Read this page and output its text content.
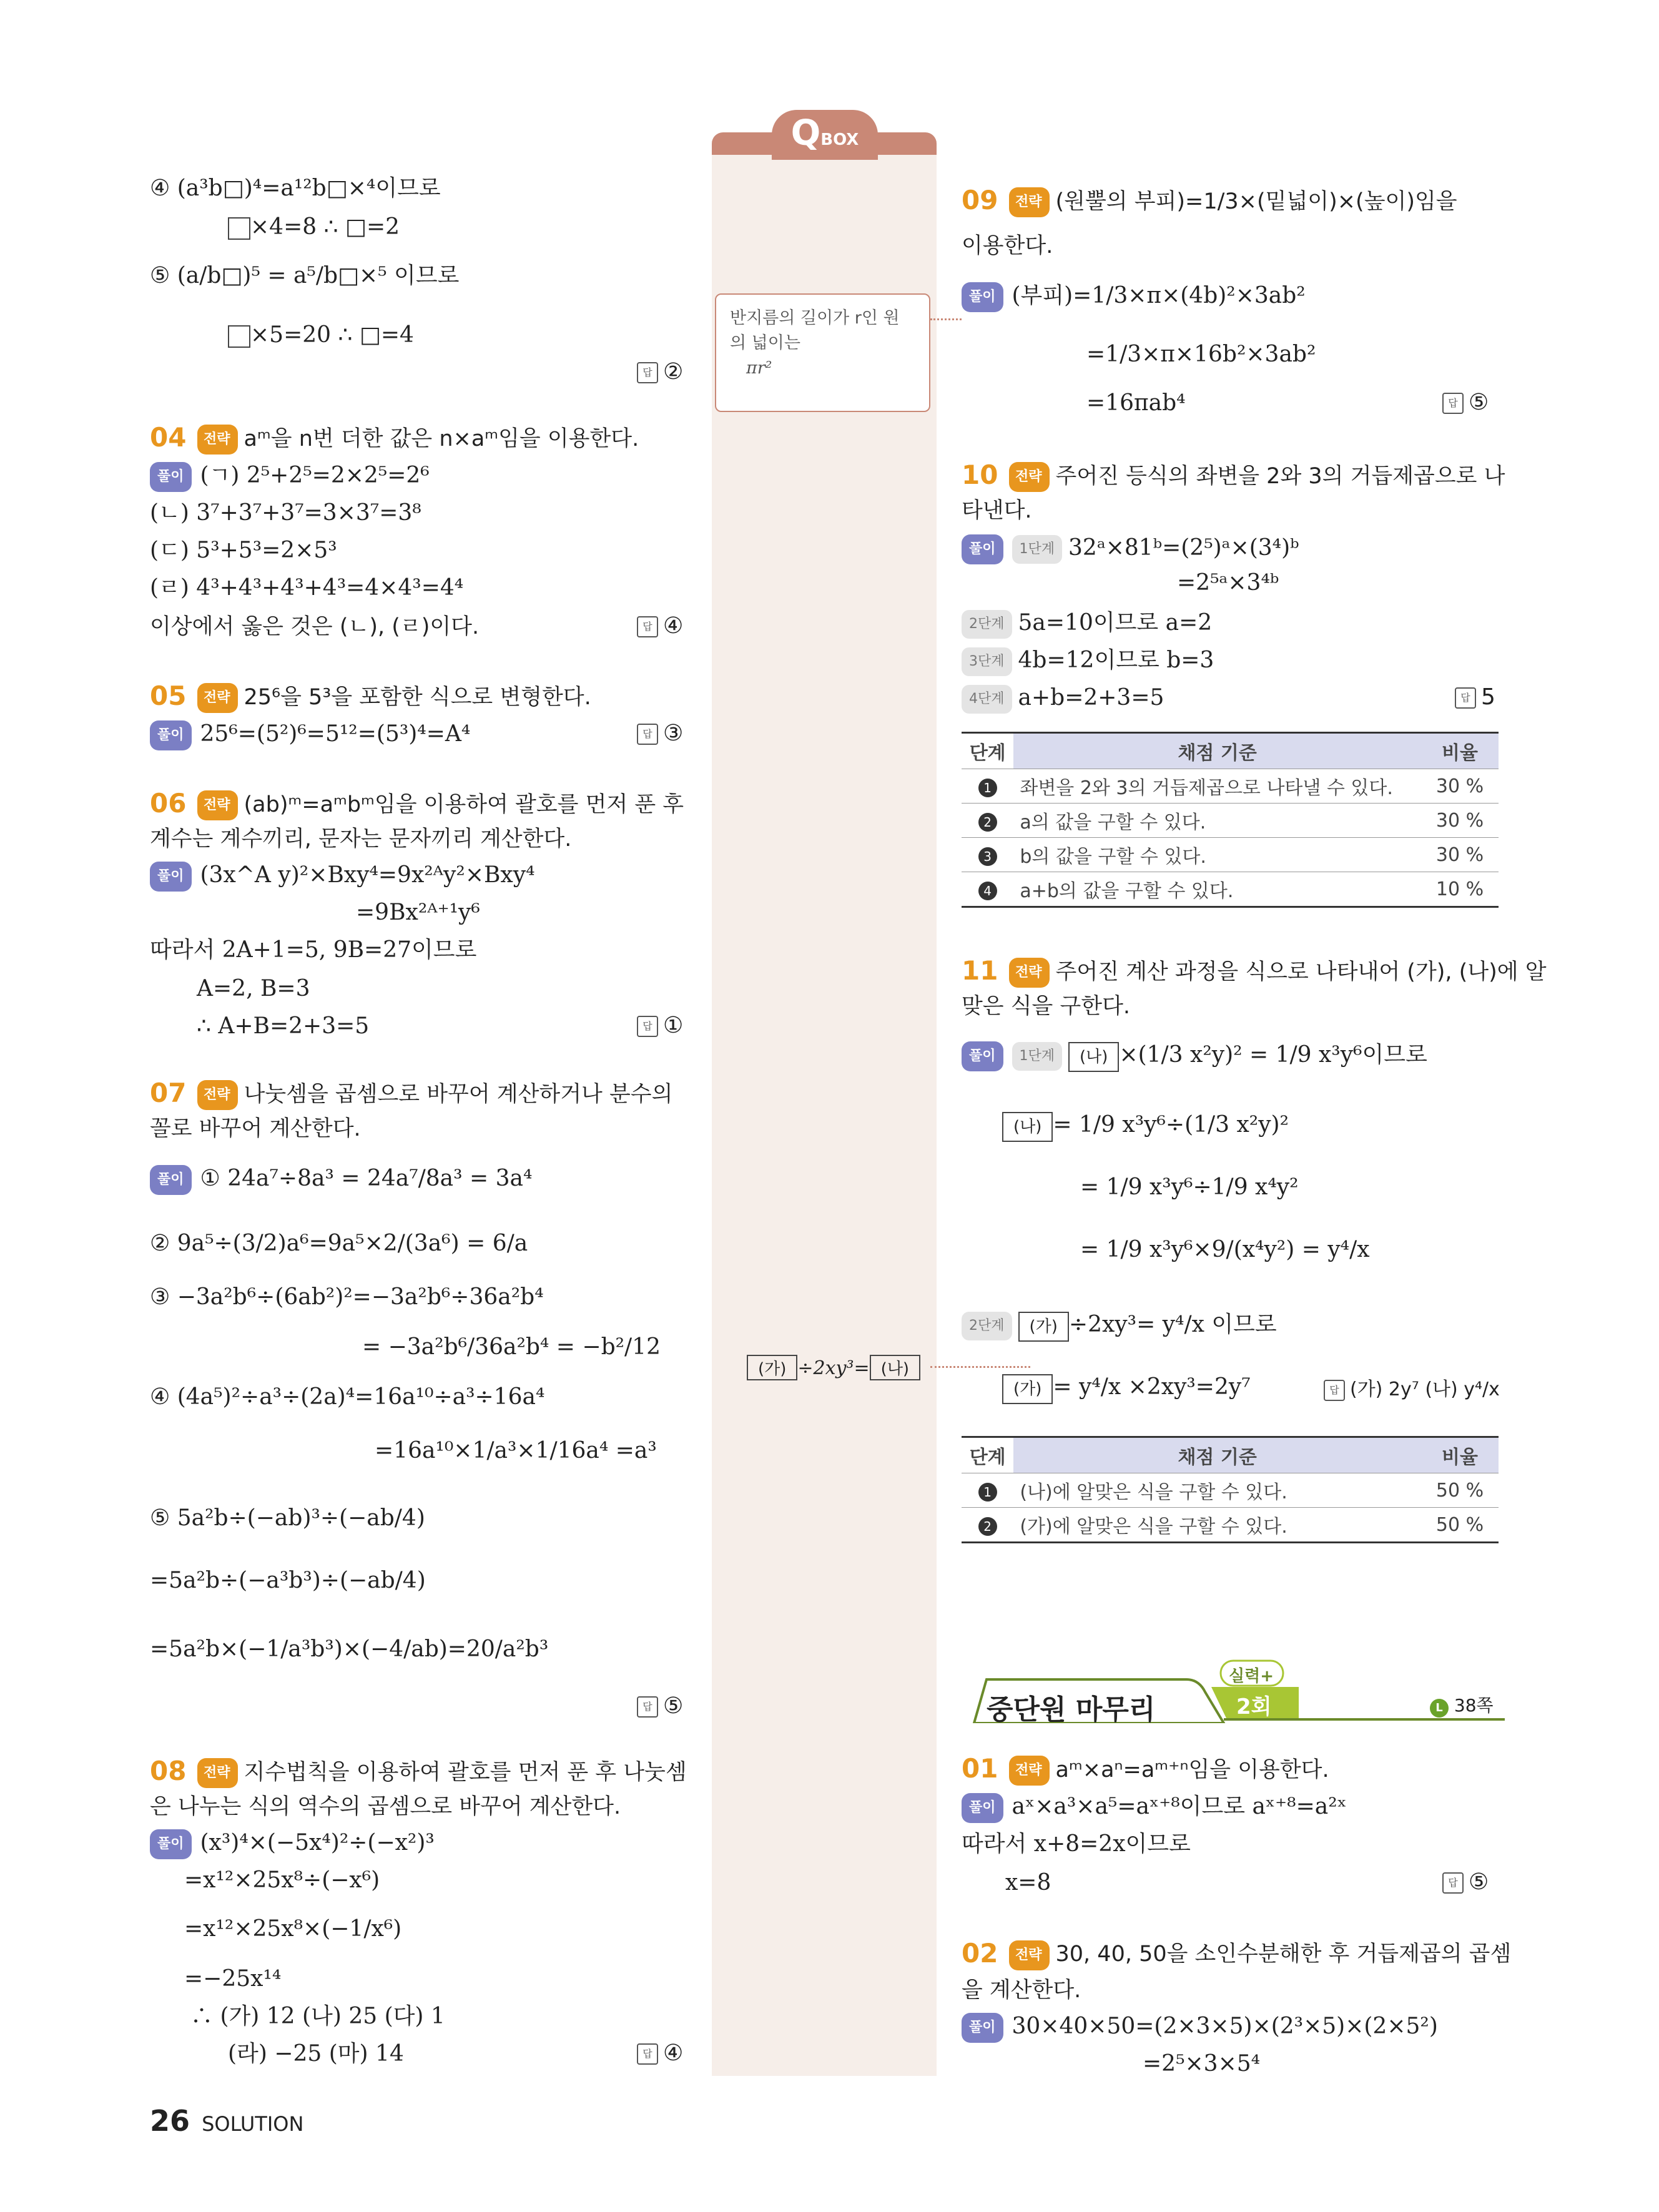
QBOX
반지름의 길이가 r인 원
의 넓이는
πr²
(가) ÷2xy³= (나)
④ (a³b□)⁴=a¹²b□×⁴이므로
×4=8 ∴ □=2
⑤ (a/b□)⁵ = a⁵/b□×⁵ 이므로
×5=20 ∴ □=4
답 ②
04	전략 aᵐ을 n번 더한 값은 n×aᵐ임을 이용한다.
풀이 (ㄱ) 2⁵+2⁵=2×2⁵=2⁶
(ㄴ) 3⁷+3⁷+3⁷=3×3⁷=3⁸
(ㄷ) 5³+5³=2×5³
(ㄹ) 4³+4³+4³+4³=4×4³=4⁴
이상에서 옳은 것은 (ㄴ), (ㄹ)이다.	답 ④
05	전략 25⁶을 5³을 포함한 식으로 변형한다.
풀이 25⁶=(5²)⁶=5¹²=(5³)⁴=A⁴	답 ③
06	전략 (ab)ᵐ=aᵐbᵐ임을 이용하여 괄호를 먼저 푼 후
계수는 계수끼리, 문자는 문자끼리 계산한다.
풀이 (3x^A y)²×Bxy⁴=9x²ᴬy²×Bxy⁴
=9Bx²ᴬ⁺¹y⁶
따라서 2A+1=5, 9B=27이므로
A=2, B=3
∴ A+B=2+3=5	답 ①
07	전략 나눗셈을 곱셈으로 바꾸어 계산하거나 분수의
꼴로 바꾸어 계산한다.
풀이 ① 24a⁷÷8a³ = 24a⁷/8a³ = 3a⁴
② 9a⁵÷(3/2)a⁶=9a⁵×2/(3a⁶) = 6/a
③ −3a²b⁶÷(6ab²)²=−3a²b⁶÷36a²b⁴
= −3a²b⁶/36a²b⁴ = −b²/12
④ (4a⁵)²÷a³÷(2a)⁴=16a¹⁰÷a³÷16a⁴
=16a¹⁰×1/a³×1/16a⁴ =a³
⑤ 5a²b÷(−ab)³÷(−ab/4)
=5a²b÷(−a³b³)÷(−ab/4)
=5a²b×(−1/a³b³)×(−4/ab)=20/a²b³
답 ⑤
08	전략 지수법칙을 이용하여 괄호를 먼저 푼 후 나눗셈
은 나누는 식의 역수의 곱셈으로 바꾸어 계산한다.
풀이 (x³)⁴×(−5x⁴)²÷(−x²)³
=x¹²×25x⁸÷(−x⁶)
=x¹²×25x⁸×(−1/x⁶)
=−25x¹⁴
∴ (가) 12 (나) 25 (다) 1
(라) −25 (마) 14	답 ④
09	전략 (원뿔의 부피)=1/3×(밑넓이)×(높이)임을
이용한다.
풀이 (부피)=1/3×π×(4b)²×3ab²
=1/3×π×16b²×3ab²
=16πab⁴	답 ⑤
10	전략 주어진 등식의 좌변을 2와 3의 거듭제곱으로 나
타낸다.
풀이 1단계 32ᵃ×81ᵇ=(2⁵)ᵃ×(3⁴)ᵇ
=2⁵ᵃ×3⁴ᵇ
2단계 5a=10이므로 a=2
3단계 4b=12이므로 b=3
4단계 a+b=2+3=5	답 5
단계	채점 기준	비율
1	좌변을 2와 3의 거듭제곱으로 나타낼 수 있다.	30 %
2	a의 값을 구할 수 있다.	30 %
3	b의 값을 구할 수 있다.	30 %
4	a+b의 값을 구할 수 있다.	10 %
11	전략 주어진 계산 과정을 식으로 나타내어 (가), (나)에 알
맞은 식을 구한다.
풀이 1단계 (나) ×(1/3 x²y)² = 1/9 x³y⁶이므로
(나) = 1/9 x³y⁶÷(1/3 x²y)²
= 1/9 x³y⁶÷1/9 x⁴y²
= 1/9 x³y⁶×9/(x⁴y²) = y⁴/x
2단계 (가) ÷2xy³= y⁴/x 이므로
(가) = y⁴/x ×2xy³=2y⁷	답 (가) 2y⁷ (나) y⁴/x
단계	채점 기준	비율
1	(나)에 알맞은 식을 구할 수 있다.	50 %
2	(가)에 알맞은 식을 구할 수 있다.	50 %
중단원 마무리	2회
실력+
L 38쪽
01	전략 aᵐ×aⁿ=aᵐ⁺ⁿ임을 이용한다.
풀이 aˣ×a³×a⁵=aˣ⁺⁸이므로 aˣ⁺⁸=a²ˣ
따라서 x+8=2x이므로
x=8	답 ⑤
02	전략 30, 40, 50을 소인수분해한 후 거듭제곱의 곱셈
을 계산한다.
풀이 30×40×50=(2×3×5)×(2³×5)×(2×5²)
=2⁵×3×5⁴
26 SOLUTION
